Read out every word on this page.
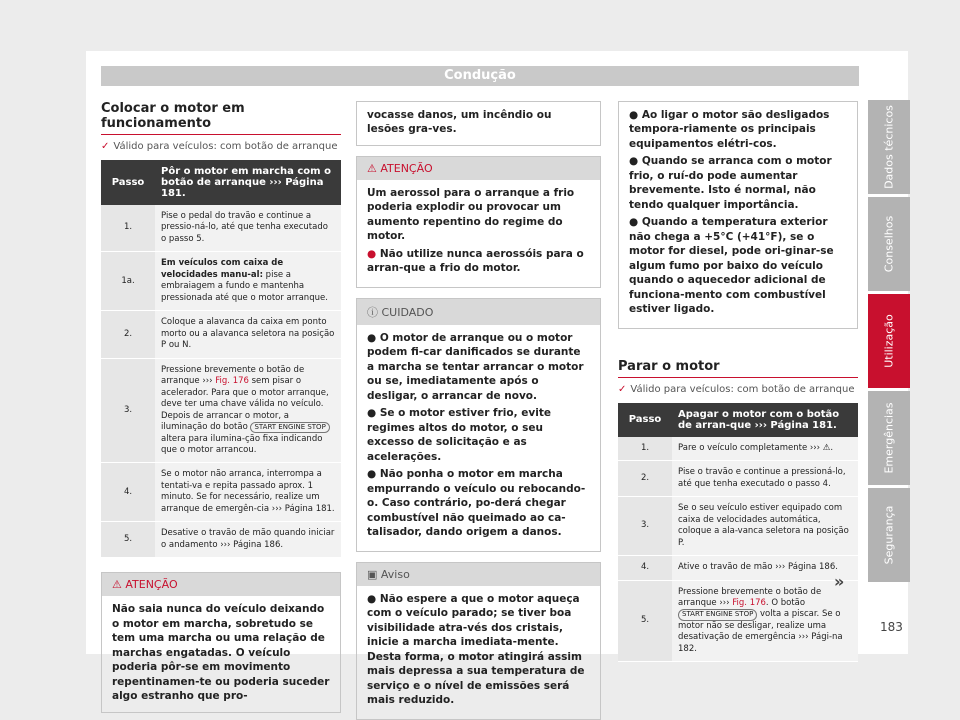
Condução
Dados técnicos
Conselhos
Utilização
Emergências
Segurança
Colocar o motor em funcionamento
✓ Válido para veículos: com botão de arranque
Passo	Pôr o motor em marcha com o botão de arranque ››› Página 181.
1.	Pise o pedal do travão e continue a pressio-ná-lo, até que tenha executado o passo 5.
1a.	Em veículos com caixa de velocidades manu-al: pise a embraiagem a fundo e mantenha pressionada até que o motor arranque.
2.	Coloque a alavanca da caixa em ponto morto ou a alavanca seletora na posição P ou N.
3.	Pressione brevemente o botão de arranque ››› Fig. 176 sem pisar o acelerador. Para que o motor arranque, deve ter uma chave válida no veículo.
Depois de arrancar o motor, a iluminação do botão START ENGINE STOP altera para ilumina-ção fixa indicando que o motor arrancou.
4.	Se o motor não arranca, interrompa a tentati-va e repita passado aprox. 1 minuto. Se for necessário, realize um arranque de emergên-cia ››› Página 181.
5.	Desative o travão de mão quando iniciar o andamento ››› Página 186.
⚠ ATENÇÃO
Não saia nunca do veículo deixando o motor em marcha, sobretudo se tem uma marcha ou uma relação de marchas engatadas. O veículo poderia pôr-se em movimento repentinamen-te ou poderia suceder algo estranho que pro-
vocasse danos, um incêndio ou lesões gra-ves.
⚠ ATENÇÃO

Um aerossol para o arranque a frio poderia explodir ou provocar um aumento repentino do regime do motor.

● Não utilize nunca aerossóis para o arran-que a frio do motor.

ⓘ CUIDADO

● O motor de arranque ou o motor podem fi-car danificados se durante a marcha se tentar arrancar o motor ou se, imediatamente após o desligar, o arrancar de novo.

● Se o motor estiver frio, evite regimes altos do motor, o seu excesso de solicitação e as acelerações.

● Não ponha o motor em marcha empurrando o veículo ou rebocando-o. Caso contrário, po-derá chegar combustível não queimado ao ca-talisador, dando origem a danos.

▣ Aviso

● Não espere a que o motor aqueça com o veículo parado; se tiver boa visibilidade atra-vés dos cristais, inicie a marcha imediata-mente. Desta forma, o motor atingirá assim mais depressa a sua temperatura de serviço e o nível de emissões será mais reduzido.

● Ao ligar o motor são desligados tempora-riamente os principais equipamentos elétri-cos.

● Quando se arranca com o motor frio, o ruí-do pode aumentar brevemente. Isto é normal, não tendo qualquer importância.

● Quando a temperatura exterior não chega a +5°C (+41°F), se o motor for diesel, pode ori-ginar-se algum fumo por baixo do veículo quando o aquecedor adicional de funciona-mento com combustível estiver ligado.

Parar o motor
✓ Válido para veículos: com botão de arranque
Passo	Apagar o motor com o botão de arran-que ››› Página 181.
1.	Pare o veículo completamente ››› ⚠.
2.	Pise o travão e continue a pressioná-lo, até que tenha executado o passo 4.
3.	Se o seu veículo estiver equipado com caixa de velocidades automática, coloque a ala-vanca seletora na posição P.
4.	Ative o travão de mão ››› Página 186.
5.	Pressione brevemente o botão de arranque ››› Fig. 176. O botão START ENGINE STOP volta a piscar. Se o motor não se desligar, realize uma desativação de emergência ››› Pági-na 182.
»
183
